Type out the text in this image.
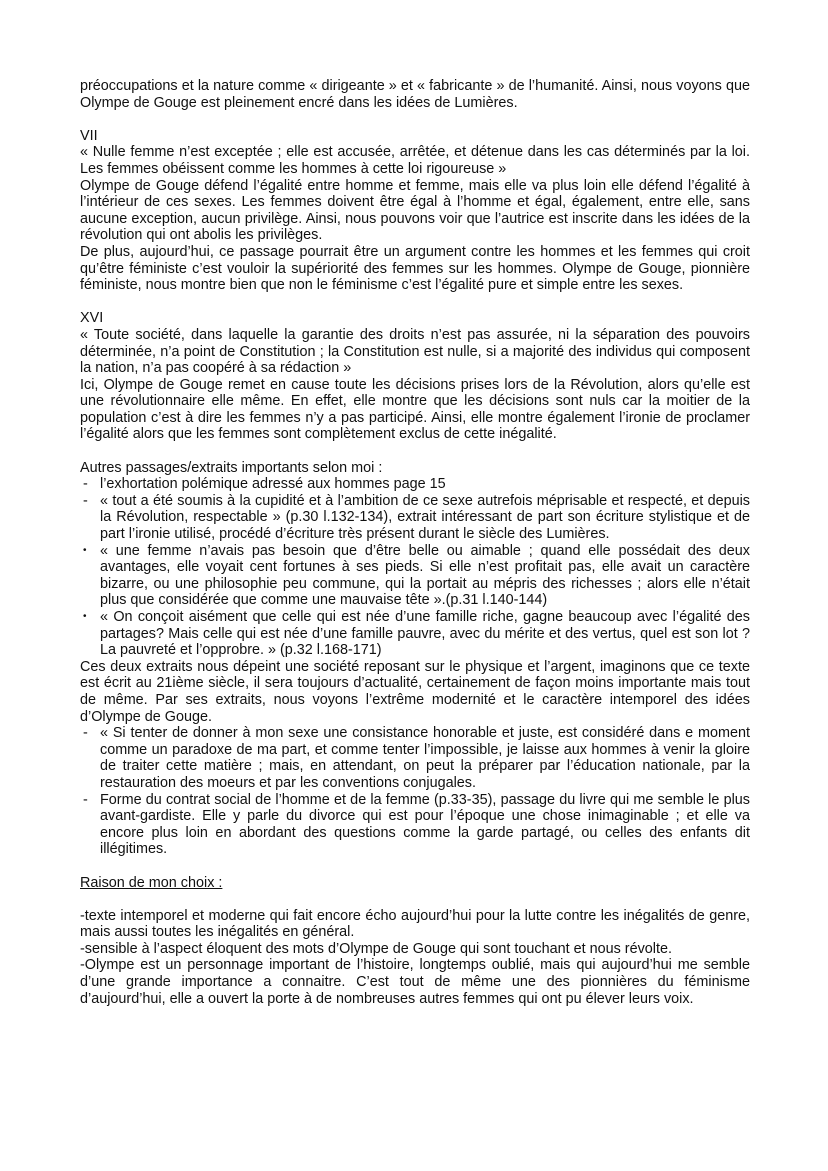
préoccupations et la nature comme « dirigeante » et « fabricante » de l’humanité. Ainsi, nous voyons que Olympe de Gouge est pleinement encré dans les idées de Lumières.

VII

« Nulle femme n’est exceptée ; elle est accusée, arrêtée, et détenue dans les cas déterminés par la loi. Les femmes obéissent comme les hommes à cette loi rigoureuse »

Olympe de Gouge défend l’égalité entre homme et femme, mais elle va plus loin elle défend l’égalité à l’intérieur de ces sexes. Les femmes doivent être égal à l’homme et égal, également, entre elle, sans aucune exception, aucun privilège. Ainsi, nous pouvons voir que l’autrice est inscrite dans les idées de la révolution qui ont abolis les privilèges.

De plus, aujourd’hui, ce passage pourrait être un argument contre les hommes et les femmes qui croit qu’être féministe c’est vouloir la supériorité des femmes sur les hommes. Olympe de Gouge, pionnière féministe, nous montre bien que non le féminisme c’est l’égalité pure et simple entre les sexes.

XVI

« Toute société, dans laquelle la garantie des droits n’est pas assurée, ni la séparation des pouvoirs déterminée, n’a point de Constitution ; la Constitution est nulle, si a majorité des individus qui composent la nation, n’a pas coopéré à sa rédaction »

Ici, Olympe de Gouge remet en cause toute les décisions prises lors de la Révolution, alors qu’elle est une révolutionnaire elle même. En effet, elle montre que les décisions sont nuls car la moitier de la population c’est à dire les femmes n’y a pas participé. Ainsi, elle montre également l’ironie de proclamer l’égalité alors que les femmes sont complètement exclus de cette inégalité.

Autres passages/extraits importants selon moi :

- l’exhortation polémique adressé aux hommes page 15
- « tout a été soumis à la cupidité et à l’ambition de ce sexe autrefois méprisable et respecté, et depuis la Révolution, respectable » (p.30 l.132-134), extrait intéressant de part son écriture stylistique et de part l’ironie utilisé, procédé d’écriture très présent durant le siècle des Lumières.
• « une femme n’avais pas besoin que d’être belle ou aimable ; quand elle possédait des deux avantages, elle voyait cent fortunes à ses pieds. Si elle n’est profitait pas, elle avait un caractère bizarre, ou une philosophie peu commune, qui la portait au mépris des richesses ; alors elle n’était plus que considérée que comme une mauvaise tête ».(p.31 l.140-144)
• « On conçoit aisément que celle qui est née d’une famille riche, gagne beaucoup avec l’égalité des partages? Mais celle qui est née d’une famille pauvre, avec du mérite et des vertus, quel est son lot ? La pauvreté et l’opprobre. » (p.32 l.168-171)

Ces deux extraits nous dépeint une société reposant sur le physique et l’argent, imaginons que ce texte est écrit au 21ième siècle, il sera toujours d’actualité, certainement de façon moins importante mais tout de même. Par ses extraits, nous voyons l’extrême modernité et le caractère intemporel des idées d’Olympe de Gouge.

- « Si tenter de donner à mon sexe une consistance honorable et juste, est considéré dans e moment comme un paradoxe de ma part, et comme tenter l’impossible, je laisse aux hommes à venir la gloire de traiter cette matière ; mais, en attendant, on peut la préparer par l’éducation nationale, par la restauration des moeurs et par les conventions conjugales.
- Forme du contrat social de l’homme et de la femme (p.33-35), passage du livre qui me semble le plus avant-gardiste. Elle y parle du divorce qui est pour l’époque une chose inimaginable ; et elle va encore plus loin en abordant des questions comme la garde partagé, ou celles des enfants dit illégitimes.

Raison de mon choix :

-texte intemporel et moderne qui fait encore écho aujourd’hui pour la lutte contre les inégalités de genre, mais aussi toutes les inégalités en général.

-sensible à l’aspect éloquent des mots d’Olympe de Gouge qui sont touchant et nous révolte.

-Olympe est un personnage important de l’histoire, longtemps oublié, mais qui aujourd’hui me semble d’une grande importance a connaitre. C’est tout de même une des pionnières du féminisme d’aujourd’hui, elle a ouvert la porte à de nombreuses autres femmes qui ont pu élever leurs voix.
